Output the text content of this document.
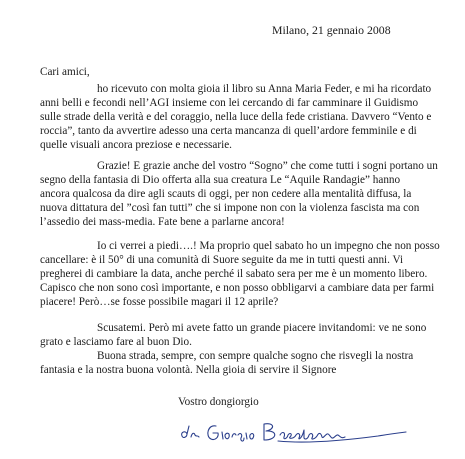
Milano, 21 gennaio 2008
Cari amici,
ho ricevuto con molta gioia il libro su Anna Maria Feder, e mi ha ricordato
anni belli e fecondi nell’AGI insieme con lei cercando di far camminare il Guidismo
sulle strade della verità e del coraggio, nella luce della fede cristiana. Davvero “Vento e
roccia”, tanto da avvertire adesso una certa mancanza di quell’ardore femminile e di
quelle visuali ancora preziose e necessarie.
Grazie! E grazie anche del vostro “Sogno” che come tutti i sogni portano un
segno della fantasia di Dio offerta alla sua creatura Le “Aquile Randagie” hanno
ancora qualcosa da dire agli scauts di oggi, per non cedere alla mentalità diffusa, la
nuova dittatura del ”così fan tutti” che si impone non con la violenza fascista ma con
l’assedio dei mass-media. Fate bene a parlarne ancora!
Io ci verrei a piedi….! Ma proprio quel sabato ho un impegno che non posso
cancellare: è il 50° di una comunità di Suore seguite da me in tutti questi anni. Vi
pregherei di cambiare la data, anche perché il sabato sera per me è un momento libero.
Capisco che non sono così importante, e non posso obbligarvi a cambiare data per farmi
piacere! Però…se fosse possibile magari il 12 aprile?
Scusatemi. Però mi avete fatto un grande piacere invitandomi: ve ne sono
grato e lasciamo fare al buon Dio.
Buona strada, sempre, con sempre qualche sogno che risvegli la nostra
fantasia e la nostra buona volontà. Nella gioia di servire il Signore
Vostro dongiorgio
